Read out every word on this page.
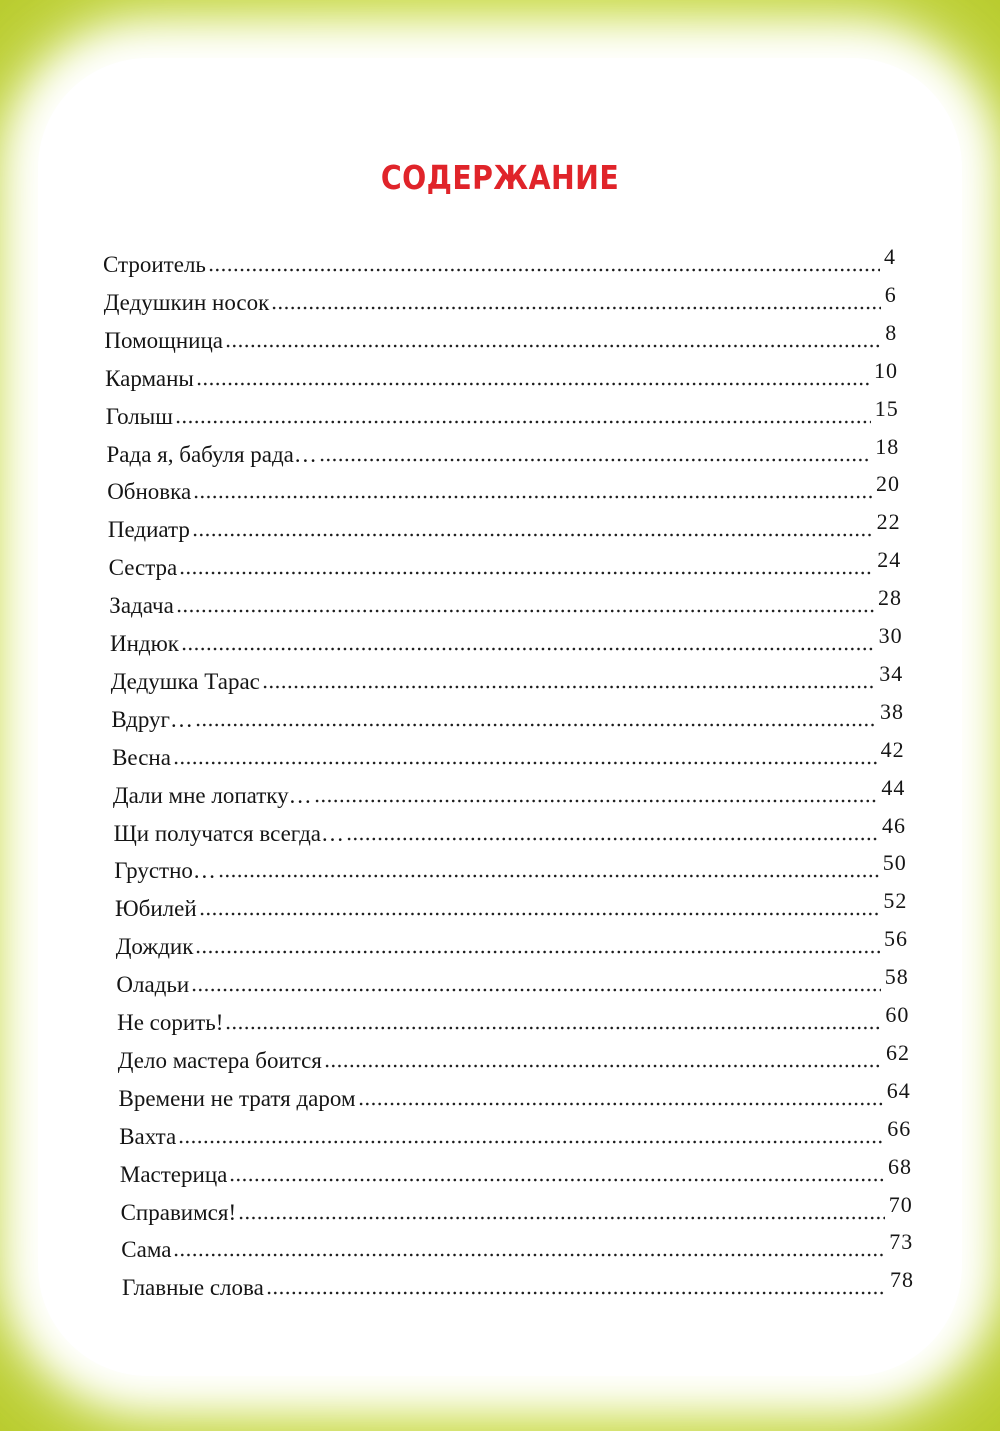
СОДЕРЖАНИЕ
Строитель	4
Дедушкин носок	6
Помощница	8
Карманы	10
Голыш	15
Рада я, бабуля рада…	18
Обновка	20
Педиатр	22
Сестра	24
Задача	28
Индюк	30
Дедушка Тарас	34
Вдруг…	38
Весна	42
Дали мне лопатку…	44
Щи получатся всегда…	46
Грустно…	50
Юбилей	52
Дождик	56
Оладьи	58
Не сорить!	60
Дело мастера боится	62
Времени не тратя даром	64
Вахта	66
Мастерица	68
Справимся!	70
Сама	73
Главные слова	78
